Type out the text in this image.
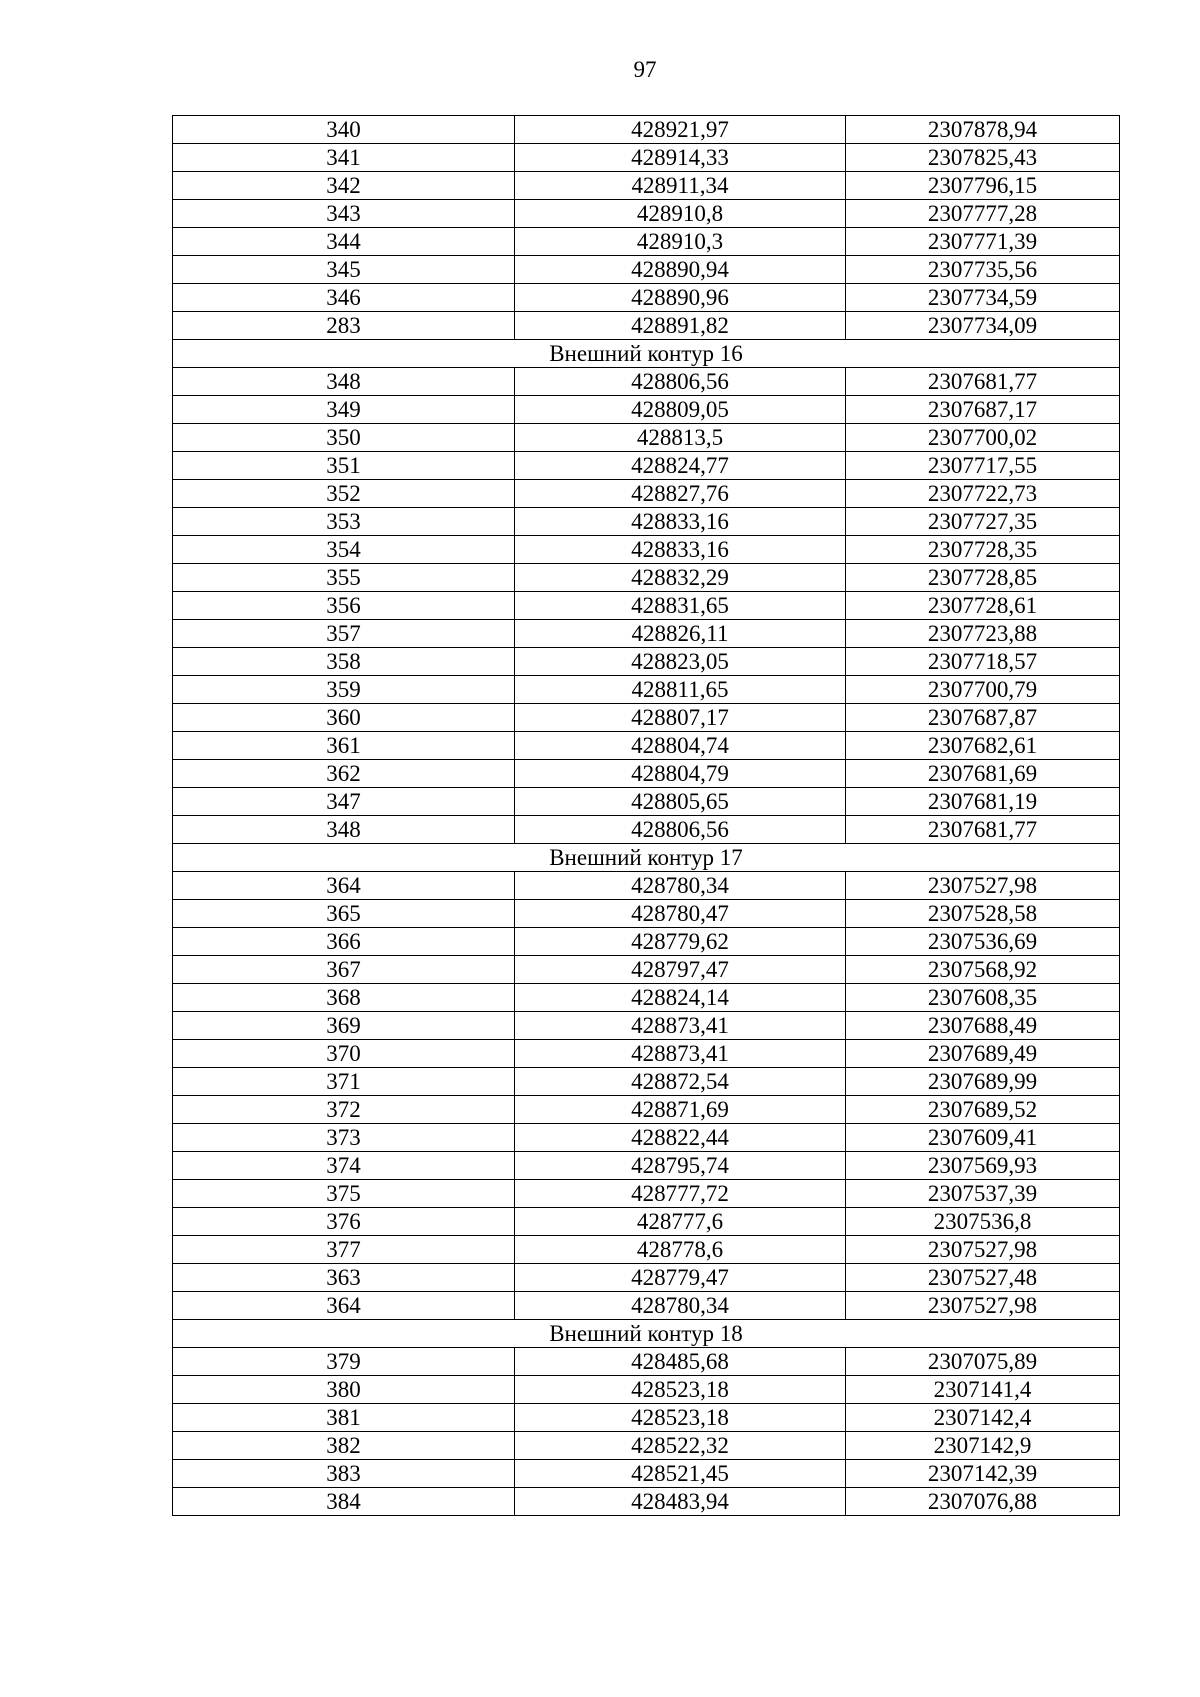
97
340	428921,97	2307878,94
341	428914,33	2307825,43
342	428911,34	2307796,15
343	428910,8	2307777,28
344	428910,3	2307771,39
345	428890,94	2307735,56
346	428890,96	2307734,59
283	428891,82	2307734,09
Внешний контур 16		
348	428806,56	2307681,77
349	428809,05	2307687,17
350	428813,5	2307700,02
351	428824,77	2307717,55
352	428827,76	2307722,73
353	428833,16	2307727,35
354	428833,16	2307728,35
355	428832,29	2307728,85
356	428831,65	2307728,61
357	428826,11	2307723,88
358	428823,05	2307718,57
359	428811,65	2307700,79
360	428807,17	2307687,87
361	428804,74	2307682,61
362	428804,79	2307681,69
347	428805,65	2307681,19
348	428806,56	2307681,77
Внешний контур 17		
364	428780,34	2307527,98
365	428780,47	2307528,58
366	428779,62	2307536,69
367	428797,47	2307568,92
368	428824,14	2307608,35
369	428873,41	2307688,49
370	428873,41	2307689,49
371	428872,54	2307689,99
372	428871,69	2307689,52
373	428822,44	2307609,41
374	428795,74	2307569,93
375	428777,72	2307537,39
376	428777,6	2307536,8
377	428778,6	2307527,98
363	428779,47	2307527,48
364	428780,34	2307527,98
Внешний контур 18		
379	428485,68	2307075,89
380	428523,18	2307141,4
381	428523,18	2307142,4
382	428522,32	2307142,9
383	428521,45	2307142,39
384	428483,94	2307076,88
